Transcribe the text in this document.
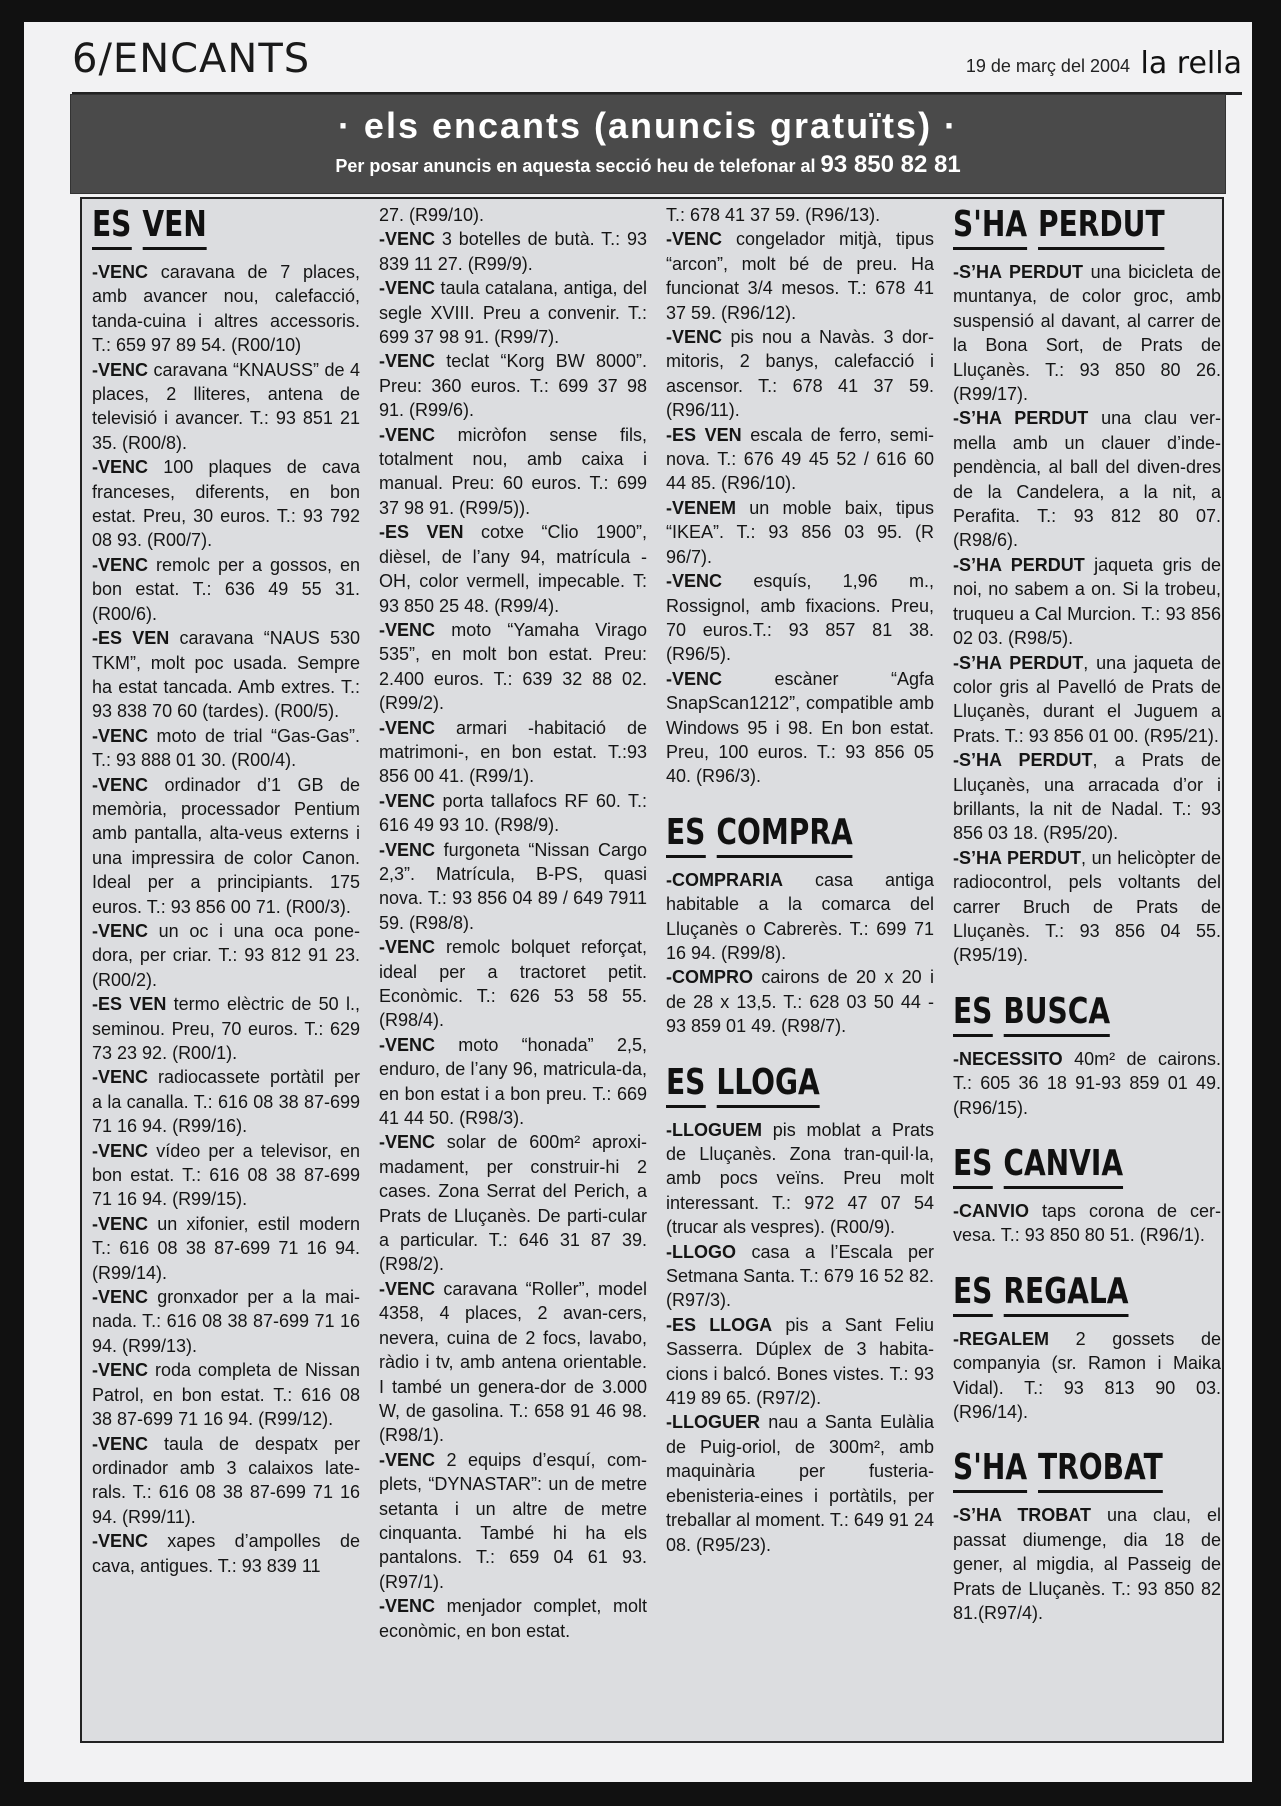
6/ENCANTS	19 de març del 2004 la rella
· els encants (anuncis gratuïts) ·
Per posar anuncis en aquesta secció heu de telefonar al 93 850 82 81
ES VEN

-VENC caravana de 7 places, amb avancer nou, calefacció, tanda-cuina i altres accessoris. T.: 659 97 89 54. (R00/10)

-VENC caravana “KNAUSS” de 4 places, 2 lliteres, antena de televisió i avancer. T.: 93 851 21 35. (R00/8).

-VENC 100 plaques de cava franceses, diferents, en bon estat. Preu, 30 euros. T.: 93 792 08 93. (R00/7).

-VENC remolc per a gossos, en bon estat. T.: 636 49 55 31. (R00/6).

-ES VEN caravana “NAUS 530 TKM”, molt poc usada. Sempre ha estat tancada. Amb extres. T.: 93 838 70 60 (tardes). (R00/5).

-VENC moto de trial “Gas-Gas”. T.: 93 888 01 30. (R00/4).

-VENC ordinador d’1 GB de memòria, processador Pentium amb pantalla, alta-veus externs i una impressira de color Canon. Ideal per a principiants. 175 euros. T.: 93 856 00 71. (R00/3).

-VENC un oc i una oca pone-dora, per criar. T.: 93 812 91 23. (R00/2).

-ES VEN termo elèctric de 50 l., seminou. Preu, 70 euros. T.: 629 73 23 92. (R00/1).

-VENC radiocassete portàtil per a la canalla. T.: 616 08 38 87-699 71 16 94. (R99/16).

-VENC vídeo per a televisor, en bon estat. T.: 616 08 38 87-699 71 16 94. (R99/15).

-VENC un xifonier, estil modern T.: 616 08 38 87-699 71 16 94. (R99/14).

-VENC gronxador per a la mai-nada. T.: 616 08 38 87-699 71 16 94. (R99/13).

-VENC roda completa de Nissan Patrol, en bon estat. T.: 616 08 38 87-699 71 16 94. (R99/12).

-VENC taula de despatx per ordinador amb 3 calaixos late-rals. T.: 616 08 38 87-699 71 16 94. (R99/11).

-VENC xapes d’ampolles de cava, antigues. T.: 93 839 11

27. (R99/10).

-VENC 3 botelles de butà. T.: 93 839 11 27. (R99/9).

-VENC taula catalana, antiga, del segle XVIII. Preu a convenir. T.: 699 37 98 91. (R99/7).

-VENC teclat “Korg BW 8000”. Preu: 360 euros. T.: 699 37 98 91. (R99/6).

-VENC micròfon sense fils, totalment nou, amb caixa i manual. Preu: 60 euros. T.: 699 37 98 91. (R99/5)).

-ES VEN cotxe “Clio 1900”, dièsel, de l’any 94, matrícula -OH, color vermell, impecable. T: 93 850 25 48. (R99/4).

-VENC moto “Yamaha Virago 535”, en molt bon estat. Preu: 2.400 euros. T.: 639 32 88 02. (R99/2).

-VENC armari -habitació de matrimoni-, en bon estat. T.:93 856 00 41. (R99/1).

-VENC porta tallafocs RF 60. T.: 616 49 93 10. (R98/9).

-VENC furgoneta “Nissan Cargo 2,3”. Matrícula, B-PS, quasi nova. T.: 93 856 04 89 / 649 7911 59. (R98/8).

-VENC remolc bolquet reforçat, ideal per a tractoret petit. Econòmic. T.: 626 53 58 55. (R98/4).

-VENC moto “honada” 2,5, enduro, de l’any 96, matricula-da, en bon estat i a bon preu. T.: 669 41 44 50. (R98/3).

-VENC solar de 600m² aproxi-madament, per construir-hi 2 cases. Zona Serrat del Perich, a Prats de Lluçanès. De parti-cular a particular. T.: 646 31 87 39. (R98/2).

-VENC caravana “Roller”, model 4358, 4 places, 2 avan-cers, nevera, cuina de 2 focs, lavabo, ràdio i tv, amb antena orientable. I també un genera-dor de 3.000 W, de gasolina. T.: 658 91 46 98. (R98/1).

-VENC 2 equips d’esquí, com-plets, “DYNASTAR”: un de metre setanta i un altre de metre cinquanta. També hi ha els pantalons. T.: 659 04 61 93. (R97/1).

-VENC menjador complet, molt econòmic, en bon estat.

T.: 678 41 37 59. (R96/13).

-VENC congelador mitjà, tipus “arcon”, molt bé de preu. Ha funcionat 3/4 mesos. T.: 678 41 37 59. (R96/12).

-VENC pis nou a Navàs. 3 dor-mitoris, 2 banys, calefacció i ascensor. T.: 678 41 37 59. (R96/11).

-ES VEN escala de ferro, semi-nova. T.: 676 49 45 52 / 616 60 44 85. (R96/10).

-VENEM un moble baix, tipus “IKEA”. T.: 93 856 03 95. (R 96/7).

-VENC esquís, 1,96 m., Rossignol, amb fixacions. Preu, 70 euros.T.: 93 857 81 38. (R96/5).

-VENC escàner “Agfa SnapScan1212”, compatible amb Windows 95 i 98. En bon estat. Preu, 100 euros. T.: 93 856 05 40. (R96/3).

ES COMPRA

-COMPRARIA casa antiga habitable a la comarca del Lluçanès o Cabrerès. T.: 699 71 16 94. (R99/8).

-COMPRO cairons de 20 x 20 i de 28 x 13,5. T.: 628 03 50 44 - 93 859 01 49. (R98/7).

ES LLOGA

-LLOGUEM pis moblat a Prats de Lluçanès. Zona tran-quil·la, amb pocs veïns. Preu molt interessant. T.: 972 47 07 54 (trucar als vespres). (R00/9).

-LLOGO casa a l’Escala per Setmana Santa. T.: 679 16 52 82. (R97/3).

-ES LLOGA pis a Sant Feliu Sasserra. Dúplex de 3 habita-cions i balcó. Bones vistes. T.: 93 419 89 65. (R97/2).

-LLOGUER nau a Santa Eulàlia de Puig-oriol, de 300m², amb maquinària per fusteria-ebenisteria-eines i portàtils, per treballar al moment. T.: 649 91 24 08. (R95/23).

S'HA PERDUT

-S’HA PERDUT una bicicleta de muntanya, de color groc, amb suspensió al davant, al carrer de la Bona Sort, de Prats de Lluçanès. T.: 93 850 80 26. (R99/17).

-S’HA PERDUT una clau ver-mella amb un clauer d’inde-pendència, al ball del diven-dres de la Candelera, a la nit, a Perafita. T.: 93 812 80 07. (R98/6).

-S’HA PERDUT jaqueta gris de noi, no sabem a on. Si la trobeu, truqueu a Cal Murcion. T.: 93 856 02 03. (R98/5).

-S’HA PERDUT, una jaqueta de color gris al Pavelló de Prats de Lluçanès, durant el Juguem a Prats. T.: 93 856 01 00. (R95/21).

-S’HA PERDUT, a Prats de Lluçanès, una arracada d’or i brillants, la nit de Nadal. T.: 93 856 03 18. (R95/20).

-S’HA PERDUT, un helicòpter de radiocontrol, pels voltants del carrer Bruch de Prats de Lluçanès. T.: 93 856 04 55. (R95/19).

ES BUSCA

-NECESSITO 40m² de cairons. T.: 605 36 18 91-93 859 01 49. (R96/15).

ES CANVIA

-CANVIO taps corona de cer-vesa. T.: 93 850 80 51. (R96/1).

ES REGALA

-REGALEM 2 gossets de companyia (sr. Ramon i Maika Vidal). T.: 93 813 90 03. (R96/14).

S'HA TROBAT

-S’HA TROBAT una clau, el passat diumenge, dia 18 de gener, al migdia, al Passeig de Prats de Lluçanès. T.: 93 850 82 81.(R97/4).
